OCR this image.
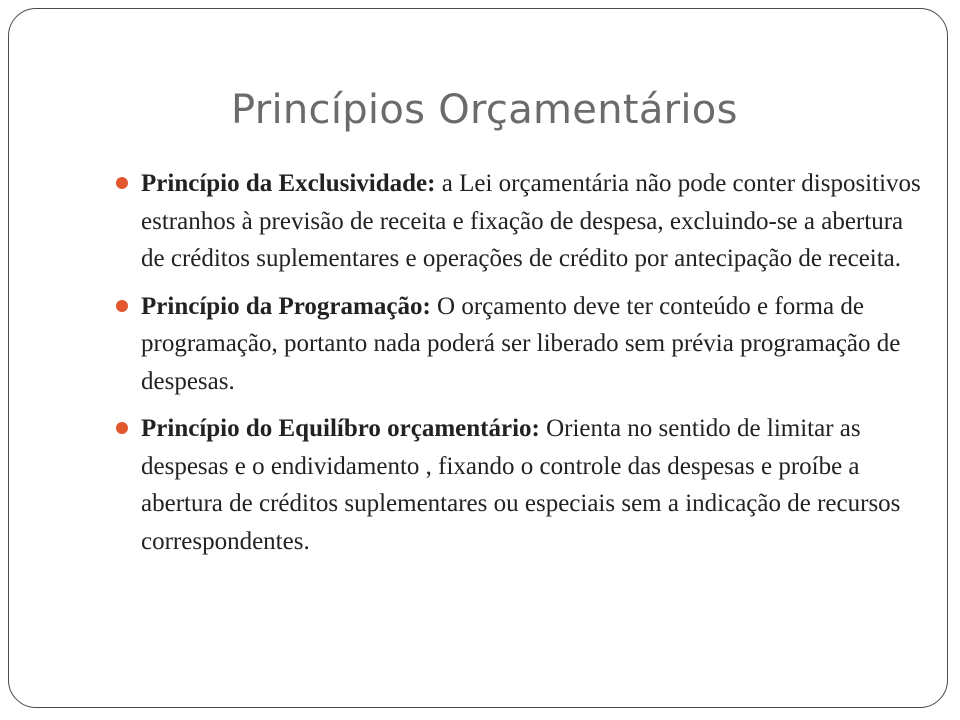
Princípios Orçamentários
Princípio da Exclusividade: a Lei orçamentária não pode conter dispositivos estranhos à previsão de receita e fixação de despesa, excluindo-se a abertura de créditos suplementares e operações de crédito por antecipação de receita.
Princípio da Programação: O orçamento deve ter conteúdo e forma de programação, portanto nada poderá ser liberado sem prévia programação de despesas.
Princípio do Equilíbro orçamentário: Orienta no sentido de limitar as despesas e o endividamento , fixando o controle das despesas e proíbe a abertura de créditos suplementares ou especiais sem a indicação de recursos correspondentes.
